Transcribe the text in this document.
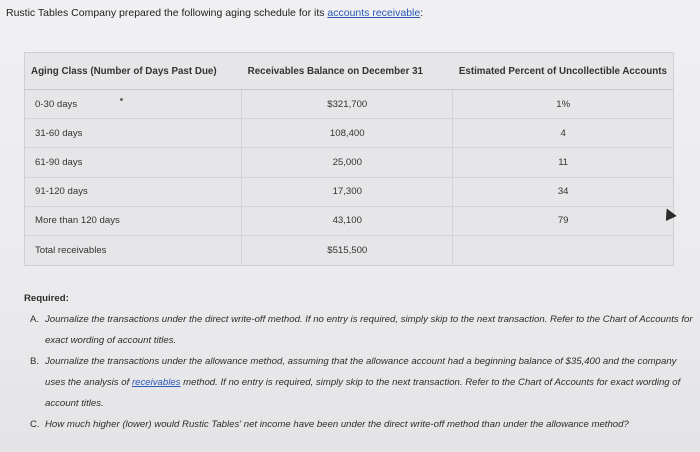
Rustic Tables Company prepared the following aging schedule for its accounts receivable:
Aging Class (Number of Days Past Due)	Receivables Balance on December 31	Estimated Percent of Uncollectible Accounts
0-30 days	$321,700	1%
31-60 days	108,400	4
61-90 days	25,000	11
91-120 days	17,300	34
More than 120 days	43,100	79
Total receivables	$515,500	
Required:
A. Journalize the transactions under the direct write-off method. If no entry is required, simply skip to the next transaction. Refer to the Chart of Accounts for exact wording of account titles.
B. Journalize the transactions under the allowance method, assuming that the allowance account had a beginning balance of $35,400 and the company uses the analysis of receivables method. If no entry is required, simply skip to the next transaction. Refer to the Chart of Accounts for exact wording of account titles.
C. How much higher (lower) would Rustic Tables' net income have been under the direct write-off method than under the allowance method?
